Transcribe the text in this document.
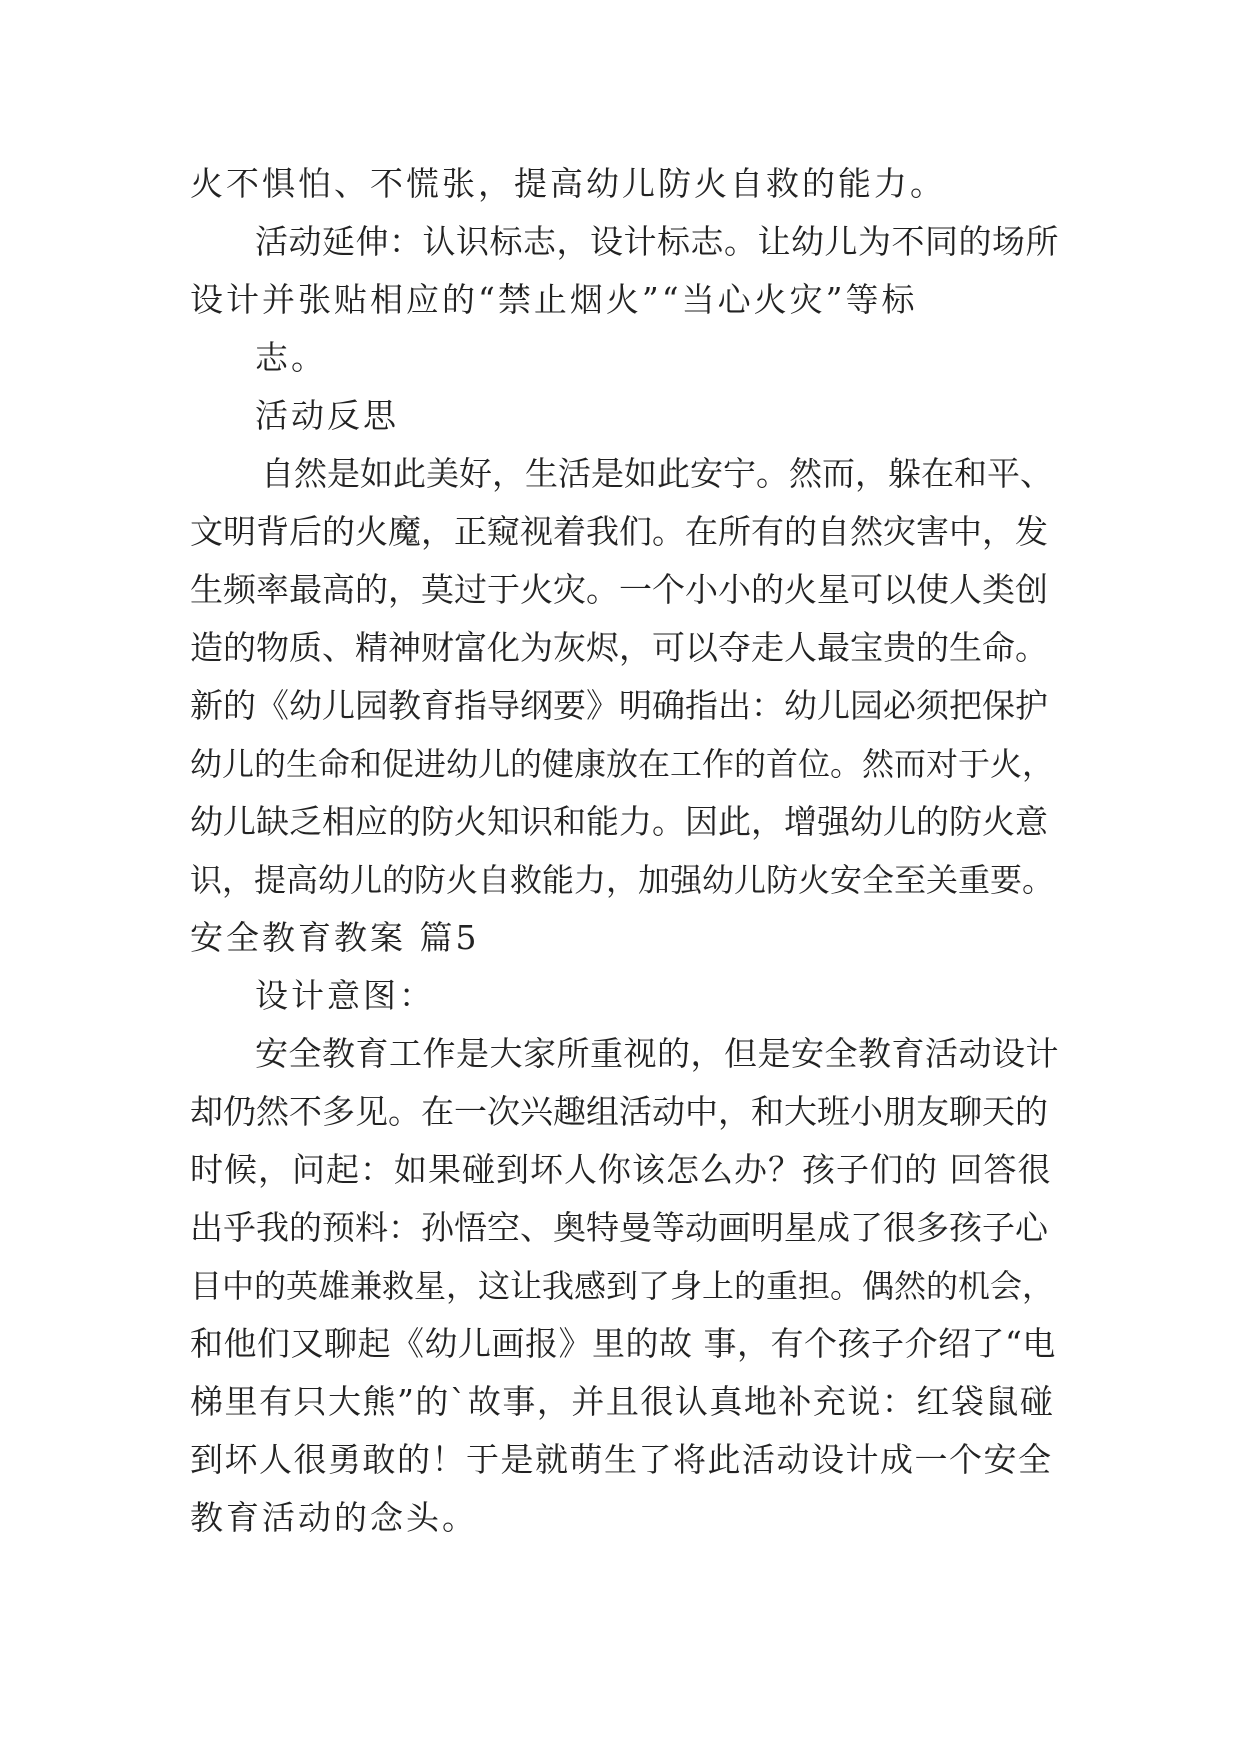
火不惧怕、不慌张，提高幼儿防火自救的能力。
活动延伸：认识标志，设计标志。让幼儿为不同的场所
设计并张贴相应的“禁止烟火”“当心火灾”等标
志。
活动反思
自然是如此美好，生活是如此安宁。然而，躲在和平、
文明背后的火魔，正窥视着我们。在所有的自然灾害中，发
生频率最高的，莫过于火灾。一个小小的火星可以使人类创
造的物质、精神财富化为灰烬，可以夺走人最宝贵的生命。
新的《幼儿园教育指导纲要》明确指出：幼儿园必须把保护
幼儿的生命和促进幼儿的健康放在工作的首位。然而对于火，
幼儿缺乏相应的防火知识和能力。因此，增强幼儿的防火意
识，提高幼儿的防火自救能力，加强幼儿防火安全至关重要。
安全教育教案 篇5
设计意图：
安全教育工作是大家所重视的，但是安全教育活动设计
却仍然不多见。在一次兴趣组活动中，和大班小朋友聊天的
时候，问起：如果碰到坏人你该怎么办？孩子们的 回答很
出乎我的预料：孙悟空、奥特曼等动画明星成了很多孩子心
目中的英雄兼救星，这让我感到了身上的重担。偶然的机会，
和他们又聊起《幼儿画报》里的故 事，有个孩子介绍了“电
梯里有只大熊”的`故事，并且很认真地补充说：红袋鼠碰
到坏人很勇敢的！于是就萌生了将此活动设计成一个安全
教育活动的念头。
